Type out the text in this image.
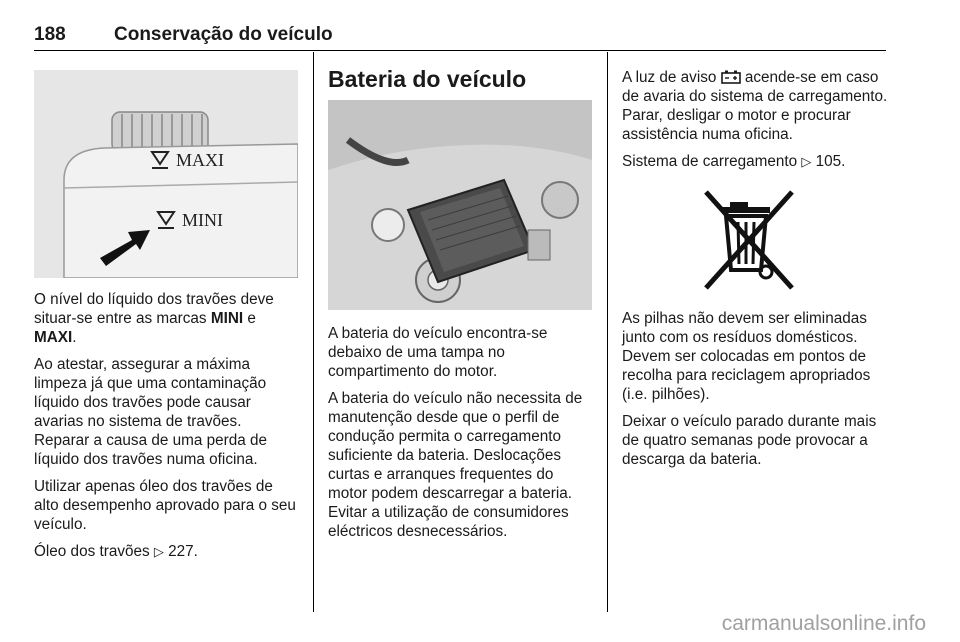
188	Conservação do veículo
MAXI
MINI

O nível do líquido dos travões deve situar-se entre as marcas MINI e MAXI.

Ao atestar, assegurar a máxima limpeza já que uma contaminação líquido dos travões pode causar avarias no sistema de travões. Reparar a causa de uma perda de líquido dos travões numa oficina.

Utilizar apenas óleo dos travões de alto desempenho aprovado para o seu veículo.

Óleo dos travões ▷ 227.

Bateria do veículo

A bateria do veículo encontra-se debaixo de uma tampa no compartimento do motor.

A bateria do veículo não necessita de manutenção desde que o perfil de condução permita o carregamento suficiente da bateria. Deslocações curtas e arranques frequentes do motor podem descarregar a bateria. Evitar a utilização de consumidores eléctricos desnecessários.

A luz de aviso acende-se em caso de avaria do sistema de carregamento. Parar, desligar o motor e procurar assistência numa oficina.

Sistema de carregamento ▷ 105.

As pilhas não devem ser eliminadas junto com os resíduos domésticos. Devem ser colocadas em pontos de recolha para reciclagem apropriados (i.e. pilhões).

Deixar o veículo parado durante mais de quatro semanas pode provocar a descarga da bateria.

carmanualsonline.info
